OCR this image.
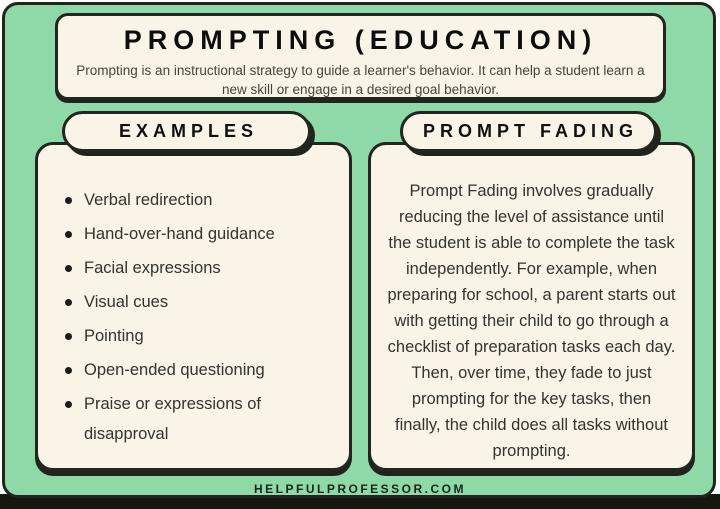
PROMPTING (EDUCATION)
Prompting is an instructional strategy to guide a learner's behavior. It can help a student learn a new skill or engage in a desired goal behavior.
Verbal redirection
Hand-over-hand guidance
Facial expressions
Visual cues
Pointing
Open-ended questioning
Praise or expressions of disapproval

Prompt Fading involves gradually reducing the level of assistance until the student is able to complete the task independently. For example, when preparing for school, a parent starts out with getting their child to go through a checklist of preparation tasks each day. Then, over time, they fade to just prompting for the key tasks, then finally, the child does all tasks without prompting.

EXAMPLES	PROMPT FADING
HELPFULPROFESSOR.COM
